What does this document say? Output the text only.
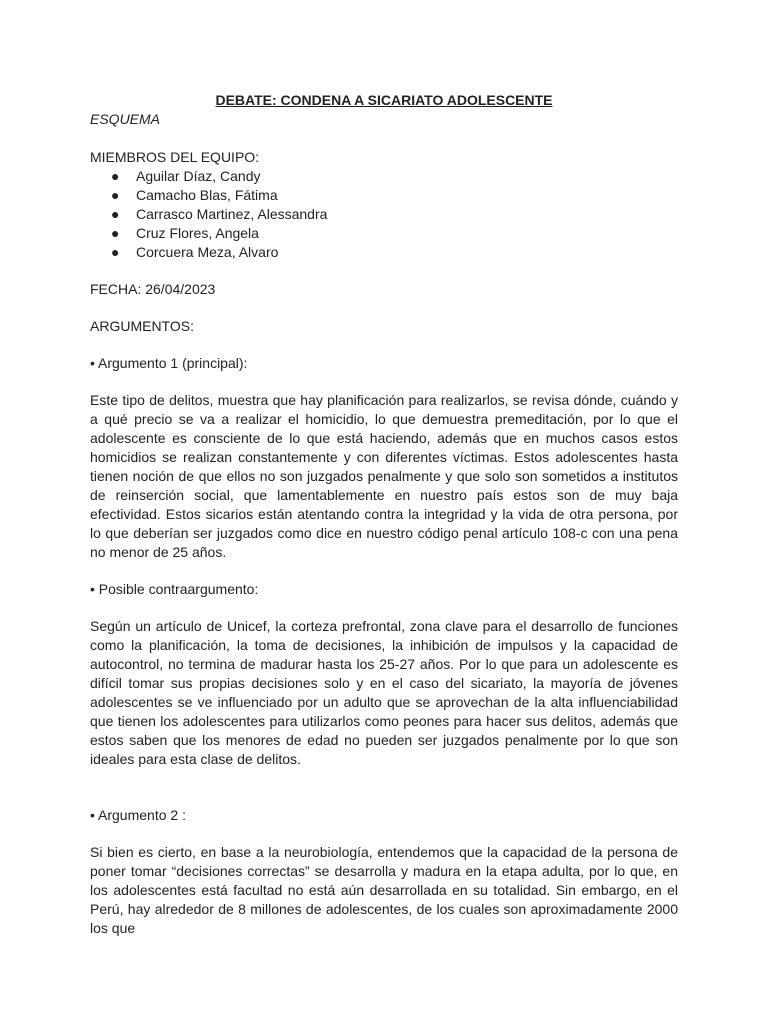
DEBATE: CONDENA A SICARIATO ADOLESCENTE

ESQUEMA

MIEMBROS DEL EQUIPO:

● Aguilar Díaz, Candy
● Camacho Blas, Fátima
● Carrasco Martinez, Alessandra
● Cruz Flores, Angela
● Corcuera Meza, Alvaro

FECHA: 26/04/2023

ARGUMENTOS:

• Argumento 1 (principal):

Este tipo de delitos, muestra que hay planificación para realizarlos, se revisa dónde, cuándo y a qué precio se va a realizar el homicidio, lo que demuestra premeditación, por lo que el adolescente es consciente de lo que está haciendo, además que en muchos casos estos homicidios se realizan constantemente y con diferentes víctimas. Estos adolescentes hasta tienen noción de que ellos no son juzgados penalmente y que solo son sometidos a institutos de reinserción social, que lamentablemente en nuestro país estos son de muy baja efectividad. Estos sicarios están atentando contra la integridad y la vida de otra persona, por lo que deberían ser juzgados como dice en nuestro código penal artículo 108-c con una pena no menor de 25 años.

• Posible contraargumento:

Según un artículo de Unicef, la corteza prefrontal, zona clave para el desarrollo de funciones como la planificación, la toma de decisiones, la inhibición de impulsos y la capacidad de autocontrol, no termina de madurar hasta los 25-27 años. Por lo que para un adolescente es difícil tomar sus propias decisiones solo y en el caso del sicariato, la mayoría de jóvenes adolescentes se ve influenciado por un adulto que se aprovechan de la alta influenciabilidad que tienen los adolescentes para utilizarlos como peones para hacer sus delitos, además que estos saben que los menores de edad no pueden ser juzgados penalmente por lo que son ideales para esta clase de delitos.

• Argumento 2 :

Si bien es cierto, en base a la neurobiología, entendemos que la capacidad de la persona de poner tomar “decisiones correctas” se desarrolla y madura en la etapa adulta, por lo que, en los adolescentes está facultad no está aún desarrollada en su totalidad. Sin embargo, en el Perú, hay alrededor de 8 millones de adolescentes, de los cuales son aproximadamente 2000 los que
